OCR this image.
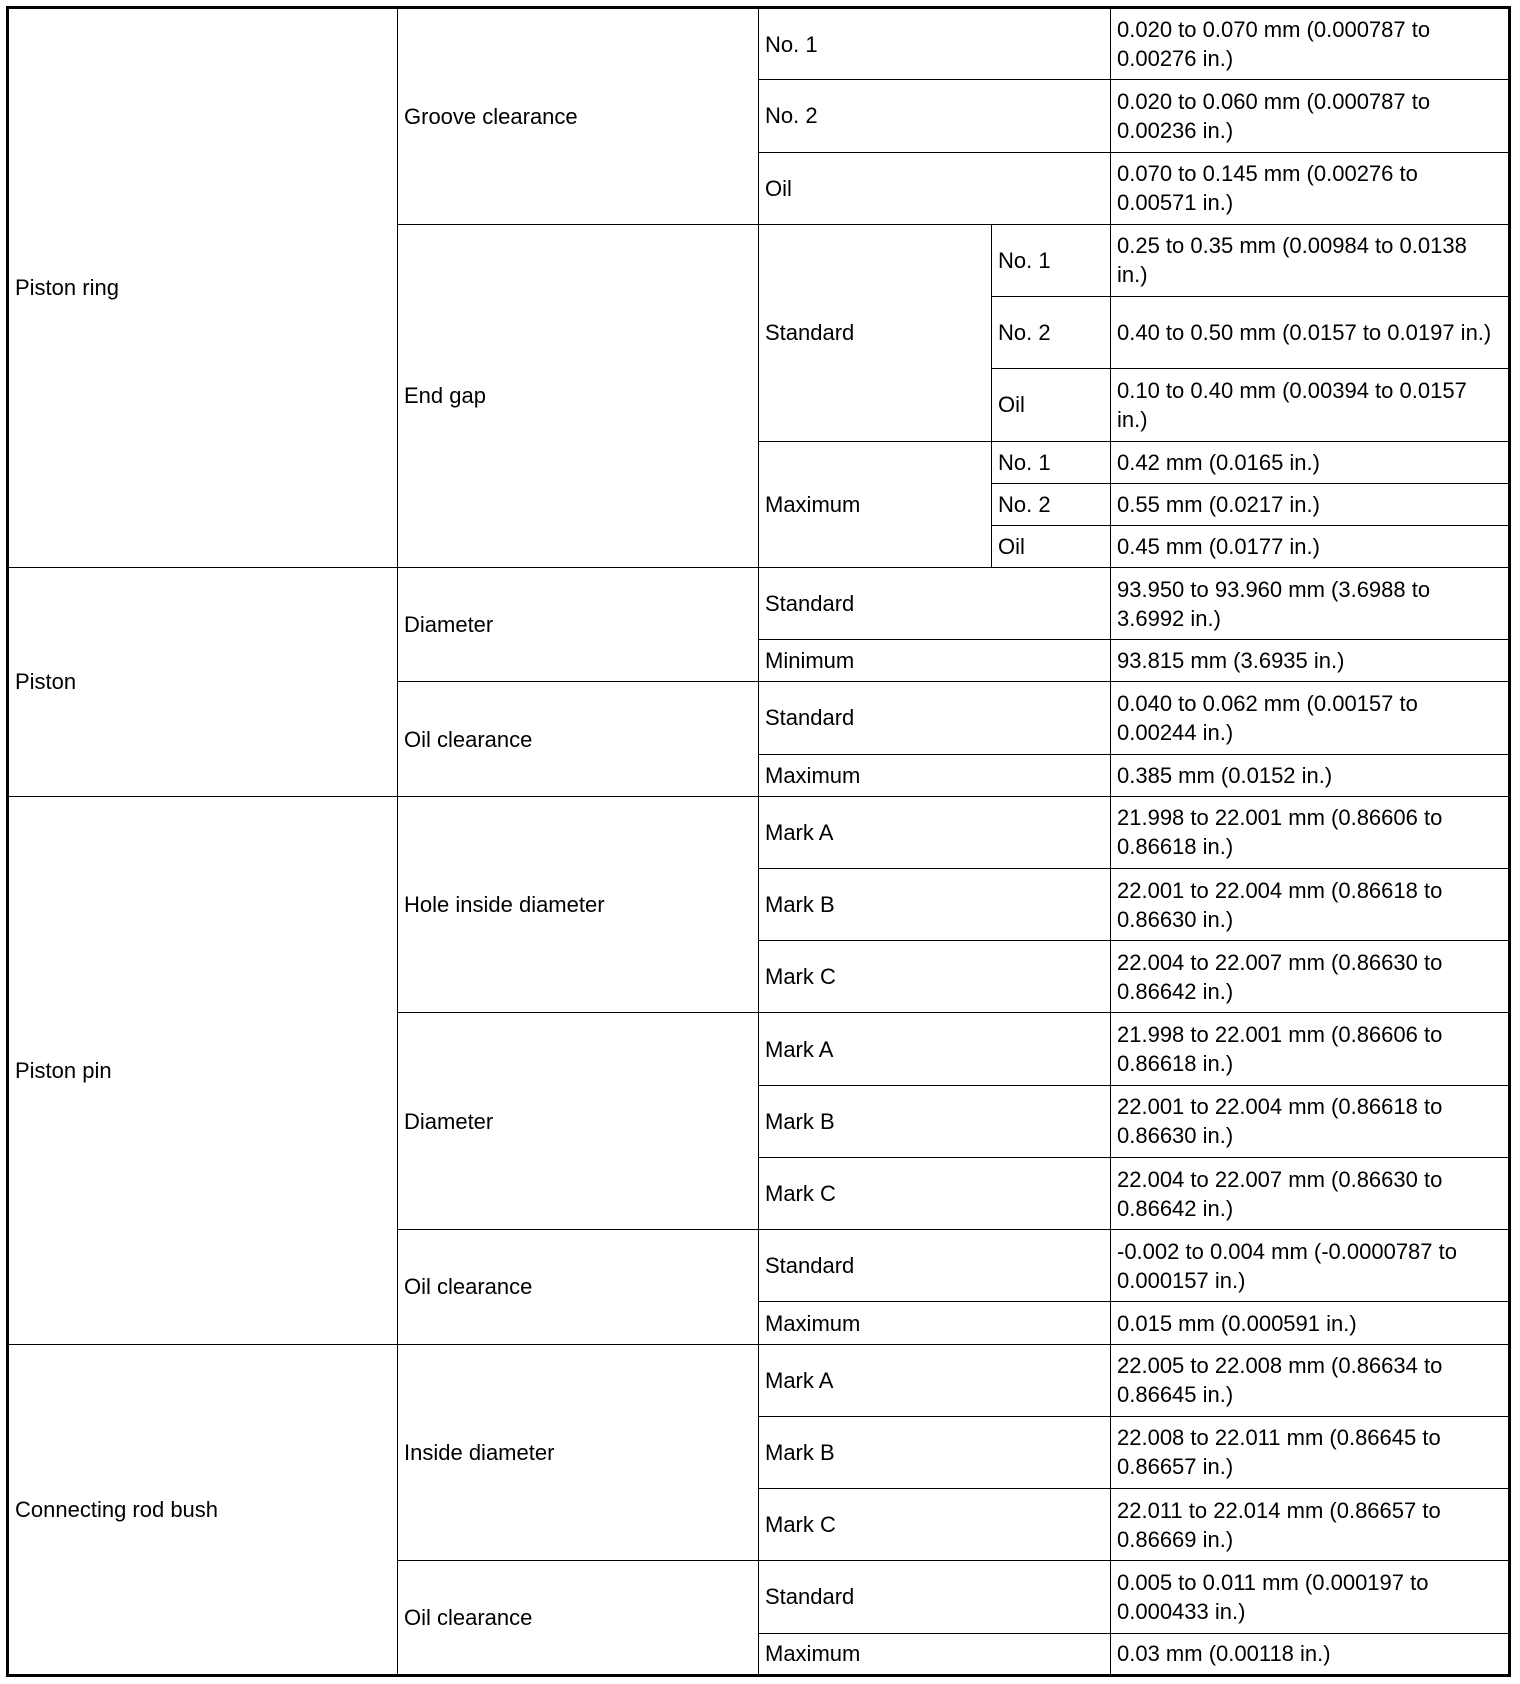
Piston ring	Groove clearance	No. 1		0.020 to 0.070 mm (0.000787 to 0.00276 in.)
		No. 2		0.020 to 0.060 mm (0.000787 to 0.00236 in.)
		Oil		0.070 to 0.145 mm (0.00276 to 0.00571 in.)
	End gap	Standard	No. 1	0.25 to 0.35 mm (0.00984 to 0.0138 in.)
			No. 2	0.40 to 0.50 mm (0.0157 to 0.0197 in.)
			Oil	0.10 to 0.40 mm (0.00394 to 0.0157 in.)
		Maximum	No. 1	0.42 mm (0.0165 in.)
			No. 2	0.55 mm (0.0217 in.)
			Oil	0.45 mm (0.0177 in.)
Piston	Diameter	Standard		93.950 to 93.960 mm (3.6988 to 3.6992 in.)
		Minimum		93.815 mm (3.6935 in.)
	Oil clearance	Standard		0.040 to 0.062 mm (0.00157 to 0.00244 in.)
		Maximum		0.385 mm (0.0152 in.)
Piston pin	Hole inside diameter	Mark A		21.998 to 22.001 mm (0.86606 to 0.86618 in.)
		Mark B		22.001 to 22.004 mm (0.86618 to 0.86630 in.)
		Mark C		22.004 to 22.007 mm (0.86630 to 0.86642 in.)
	Diameter	Mark A		21.998 to 22.001 mm (0.86606 to 0.86618 in.)
		Mark B		22.001 to 22.004 mm (0.86618 to 0.86630 in.)
		Mark C		22.004 to 22.007 mm (0.86630 to 0.86642 in.)
	Oil clearance	Standard		-0.002 to 0.004 mm (-0.0000787 to 0.000157 in.)
		Maximum		0.015 mm (0.000591 in.)
Connecting rod bush	Inside diameter	Mark A		22.005 to 22.008 mm (0.86634 to 0.86645 in.)
		Mark B		22.008 to 22.011 mm (0.86645 to 0.86657 in.)
		Mark C		22.011 to 22.014 mm (0.86657 to 0.86669 in.)
	Oil clearance	Standard		0.005 to 0.011 mm (0.000197 to 0.000433 in.)
		Maximum		0.03 mm (0.00118 in.)
